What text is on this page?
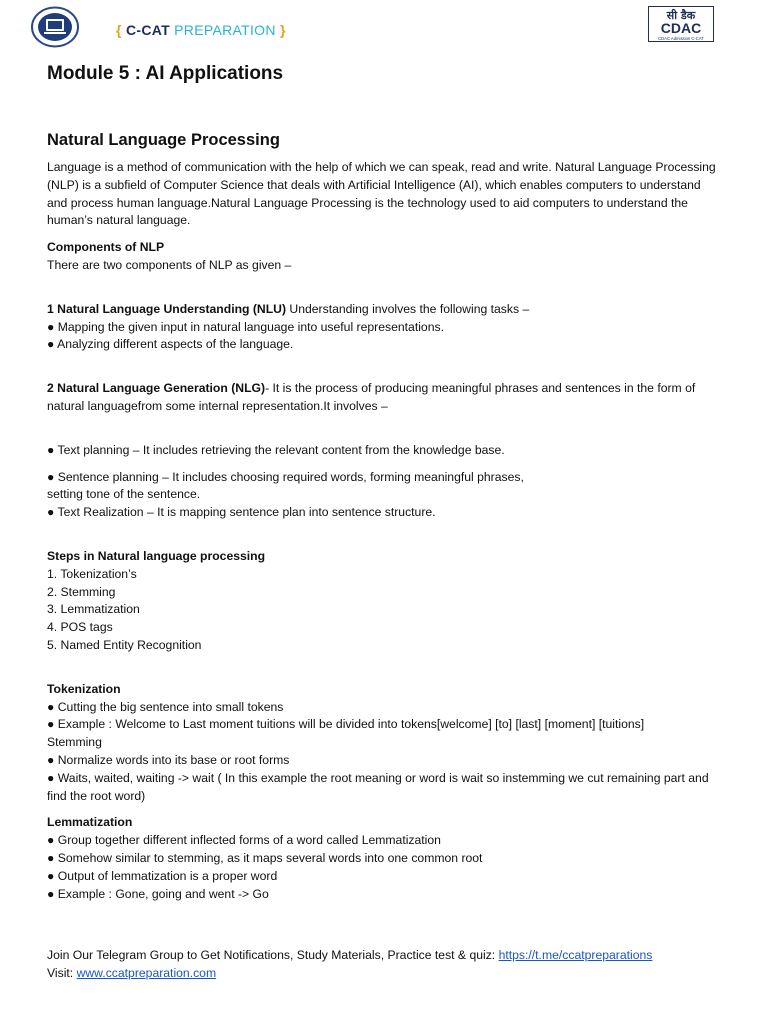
{ C-CAT PREPARATION }
सी डैक
CDAC
CDAC Admission C-CAT
Module 5 : AI Applications
Natural Language Processing

Language is a method of communication with the help of which we can speak, read and write. Natural Language Processing (NLP) is a subfield of Computer Science that deals with Artificial Intelligence (AI), which enables computers to understand and process human language.Natural Language Processing is the technology used to aid computers to understand the human’s natural language.

Components of NLP

There are two components of NLP as given –

1 Natural Language Understanding (NLU) Understanding involves the following tasks –

● Mapping the given input in natural language into useful representations.

● Analyzing different aspects of the language.

2 Natural Language Generation (NLG)- It is the process of producing meaningful phrases and sentences in the form of natural languagefrom some internal representation.It involves –

● Text planning – It includes retrieving the relevant content from the knowledge base.

● Sentence planning – It includes choosing required words, forming meaningful phrases,

setting tone of the sentence.

● Text Realization – It is mapping sentence plan into sentence structure.

Steps in Natural language processing

1. Tokenization’s

2. Stemming

3. Lemmatization

4. POS tags

5. Named Entity Recognition

Tokenization

● Cutting the big sentence into small tokens

● Example : Welcome to Last moment tuitions will be divided into tokens[welcome] [to] [last] [moment] [tuitions]

Stemming

● Normalize words into its base or root forms

● Waits, waited, waiting -> wait ( In this example the root meaning or word is wait so instemming we cut remaining part and find the root word)

Lemmatization

● Group together different inflected forms of a word called Lemmatization

● Somehow similar to stemming, as it maps several words into one common root

● Output of lemmatization is a proper word

● Example : Gone, going and went -> Go

Join Our Telegram Group to Get Notifications, Study Materials, Practice test & quiz: https://t.me/ccatpreparations

Visit: www.ccatpreparation.com
